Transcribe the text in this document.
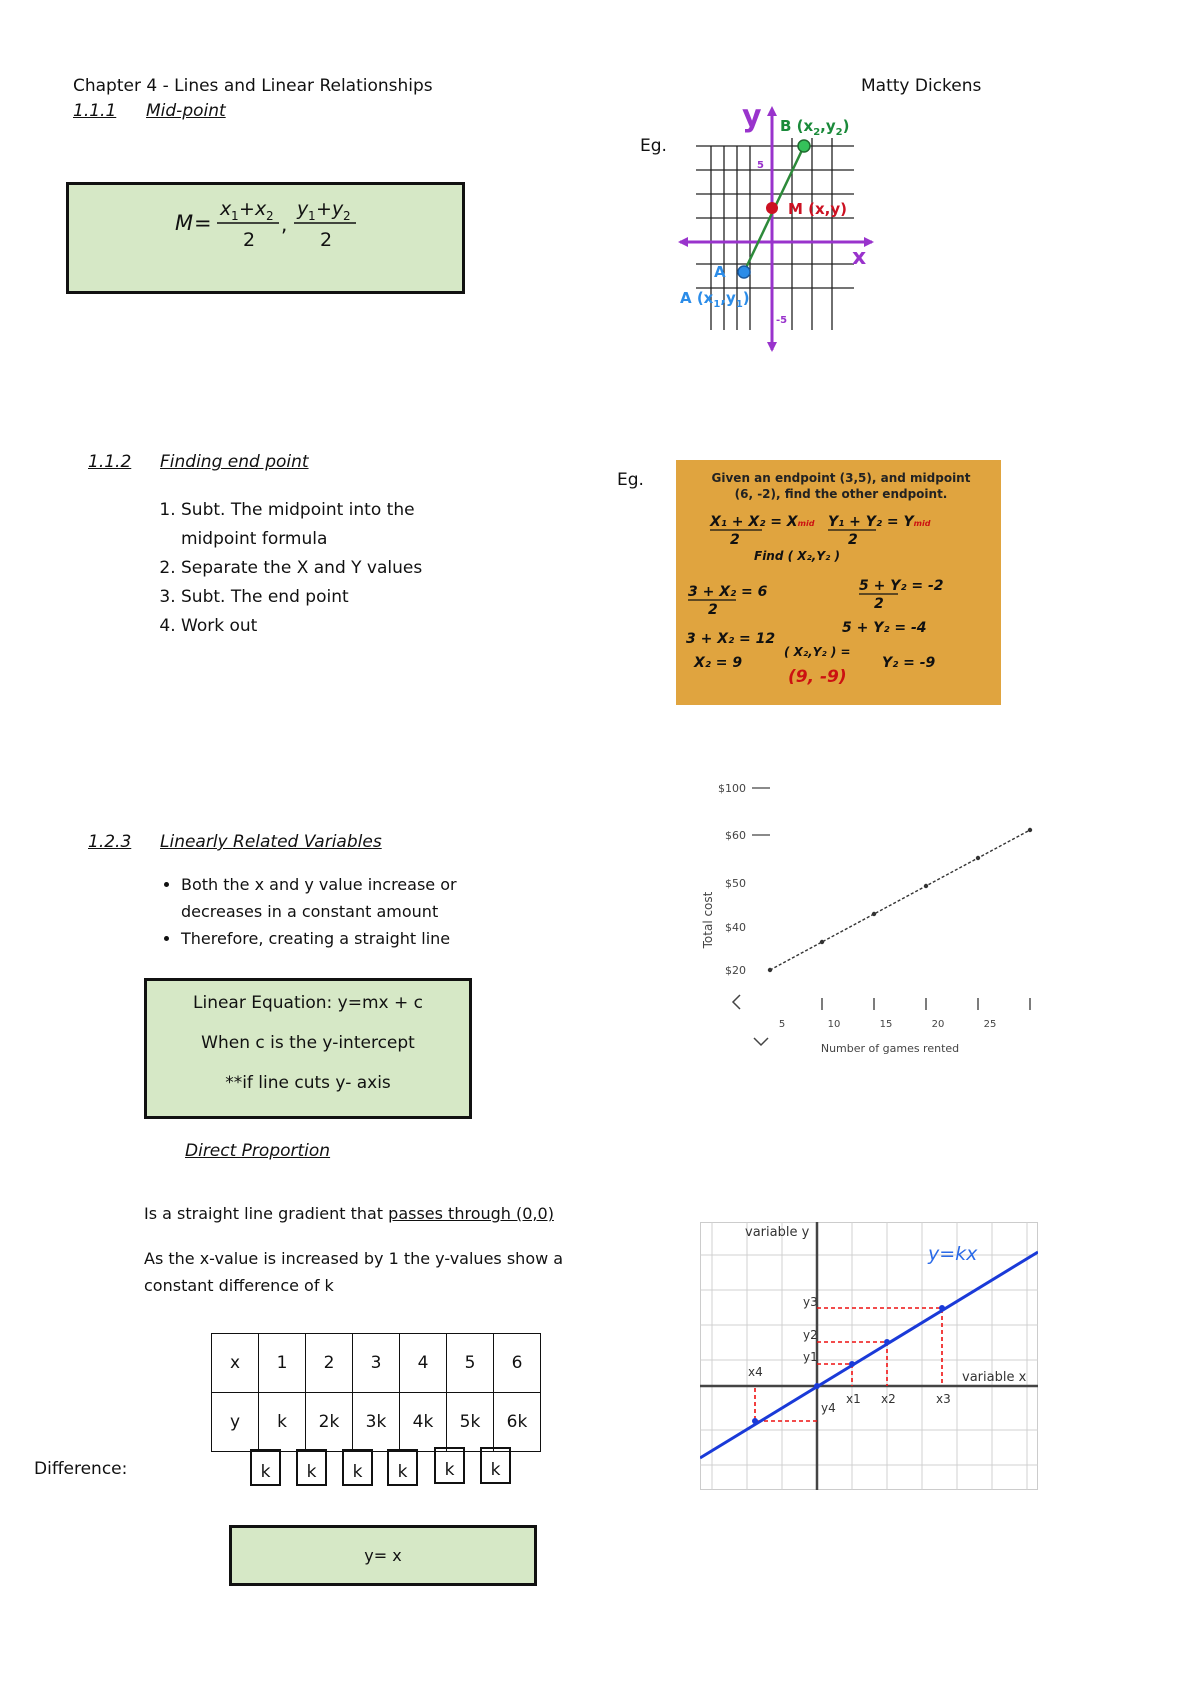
Chapter 4 - Lines and Linear Relationships	Matty Dickens
1.1.1 Mid-point
M =
x 1 + x 2
2
,
y 1 + y 2
2
Eg.
y
x
B $(x_2,y_2)$
M (x,y)
A
A $(x_1,y_1)$
5
-5
1.1.2 Finding end point
1. Subt. The midpoint into the midpoint formula
2. Separate the X and Y values
3. Subt. The end point
4. Work out
Eg.	Given an endpoint (3,5), and midpoint
(6, -2), find the other endpoint.
X₁ + X₂ = Xmid
2
Y₁ + Y₂ = Ymid
2
Find ( X₂,Y₂ )
3 + X₂ = 6
2
3 + X₂ = 12
X₂ = 9
5 + Y₂ = -2
2
5 + Y₂ = -4
Y₂ = -9
( X₂,Y₂ ) =
(9, -9)
Total cost
$20
$40
$50
$60
$100
5	10	15	20	25
Number of games rented
1.2.3 Linearly Related Variables
• Both the x and y value increase or decreases in a constant amount
• Therefore, creating a straight line
Linear Equation: y=mx + c
When c is the y-intercept
**if line cuts y- axis
Direct Proportion
Is a straight line gradient that passes through (0,0)
As the x-value is increased by 1 the y-values show a constant difference of k
x	1	2	3	4	5	6
y	k	2k	3k	4k	5k	6k
Difference:	k	k	k	k	k	k
y= x
y=kx
variable y
variable x
y3
y2
y1
y4
x4
x1 x2	x3
